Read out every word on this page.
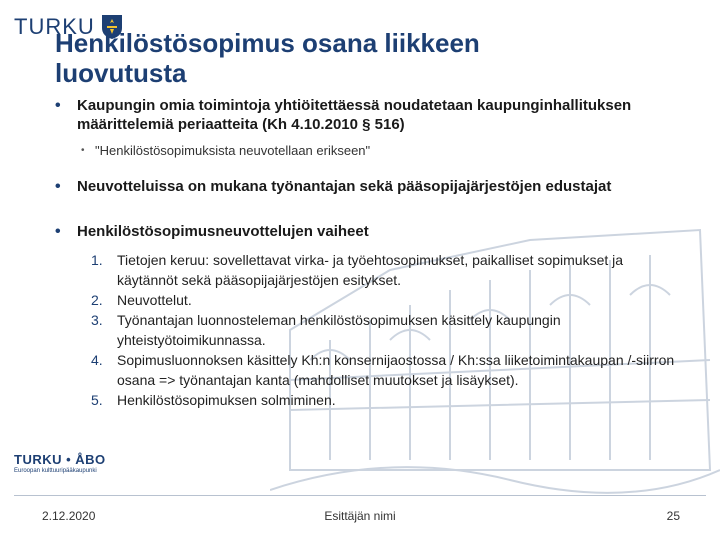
TURKU
Henkilöstösopimus osana liikkeen luovutusta
• Kaupungin omia toimintoja yhtiöitettäessä noudatetaan kaupunginhallituksen määrittelemiä periaatteita (Kh 4.10.2010 § 516)
• "Henkilöstösopimuksista neuvotellaan erikseen"
• Neuvotteluissa on mukana työnantajan sekä pääsopijajärjestöjen edustajat
• Henkilöstösopimusneuvottelujen vaiheet
1. Tietojen keruu: sovellettavat virka- ja työehtosopimukset, paikalliset sopimukset ja käytännöt sekä pääsopijajärjestöjen esitykset.
2. Neuvottelut.
3. Työnantajan luonnosteleman henkilöstösopimuksen käsittely kaupungin yhteistyötoimikunnassa.
4. Sopimusluonnoksen käsittely Kh:n konsernijaostossa / Kh:ssa liiketoimintakaupan /-siirron osana => työnantajan kanta (mahdolliset muutokset ja lisäykset).
5. Henkilöstösopimuksen solmiminen.
TURKU • ÅBO
Euroopan kulttuuripääkaupunki
2.12.2020	Esittäjän nimi	25
